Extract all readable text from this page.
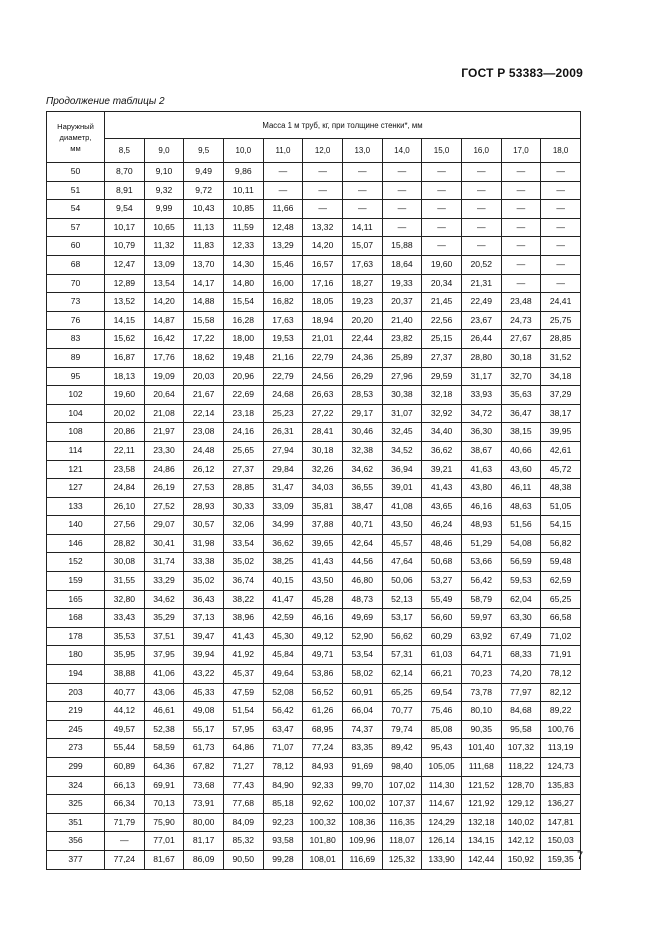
ГОСТ Р 53383—2009
Продолжение таблицы 2
Наружный
диаметр,
мм	Масса 1 м труб, кг, при толщине стенки*, мм											
	8,5	9,0	9,5	10,0	11,0	12,0	13,0	14,0	15,0	16,0	17,0	18,0
50	8,70	9,10	9,49	9,86	—	—	—	—	—	—	—	—
51	8,91	9,32	9,72	10,11	—	—	—	—	—	—	—	—
54	9,54	9,99	10,43	10,85	11,66	—	—	—	—	—	—	—
57	10,17	10,65	11,13	11,59	12,48	13,32	14,11	—	—	—	—	—
60	10,79	11,32	11,83	12,33	13,29	14,20	15,07	15,88	—	—	—	—
68	12,47	13,09	13,70	14,30	15,46	16,57	17,63	18,64	19,60	20,52	—	—
70	12,89	13,54	14,17	14,80	16,00	17,16	18,27	19,33	20,34	21,31	—	—
73	13,52	14,20	14,88	15,54	16,82	18,05	19,23	20,37	21,45	22,49	23,48	24,41
76	14,15	14,87	15,58	16,28	17,63	18,94	20,20	21,40	22,56	23,67	24,73	25,75
83	15,62	16,42	17,22	18,00	19,53	21,01	22,44	23,82	25,15	26,44	27,67	28,85
89	16,87	17,76	18,62	19,48	21,16	22,79	24,36	25,89	27,37	28,80	30,18	31,52
95	18,13	19,09	20,03	20,96	22,79	24,56	26,29	27,96	29,59	31,17	32,70	34,18
102	19,60	20,64	21,67	22,69	24,68	26,63	28,53	30,38	32,18	33,93	35,63	37,29
104	20,02	21,08	22,14	23,18	25,23	27,22	29,17	31,07	32,92	34,72	36,47	38,17
108	20,86	21,97	23,08	24,16	26,31	28,41	30,46	32,45	34,40	36,30	38,15	39,95
114	22,11	23,30	24,48	25,65	27,94	30,18	32,38	34,52	36,62	38,67	40,66	42,61
121	23,58	24,86	26,12	27,37	29,84	32,26	34,62	36,94	39,21	41,63	43,60	45,72
127	24,84	26,19	27,53	28,85	31,47	34,03	36,55	39,01	41,43	43,80	46,11	48,38
133	26,10	27,52	28,93	30,33	33,09	35,81	38,47	41,08	43,65	46,16	48,63	51,05
140	27,56	29,07	30,57	32,06	34,99	37,88	40,71	43,50	46,24	48,93	51,56	54,15
146	28,82	30,41	31,98	33,54	36,62	39,65	42,64	45,57	48,46	51,29	54,08	56,82
152	30,08	31,74	33,38	35,02	38,25	41,43	44,56	47,64	50,68	53,66	56,59	59,48
159	31,55	33,29	35,02	36,74	40,15	43,50	46,80	50,06	53,27	56,42	59,53	62,59
165	32,80	34,62	36,43	38,22	41,47	45,28	48,73	52,13	55,49	58,79	62,04	65,25
168	33,43	35,29	37,13	38,96	42,59	46,16	49,69	53,17	56,60	59,97	63,30	66,58
178	35,53	37,51	39,47	41,43	45,30	49,12	52,90	56,62	60,29	63,92	67,49	71,02
180	35,95	37,95	39,94	41,92	45,84	49,71	53,54	57,31	61,03	64,71	68,33	71,91
194	38,88	41,06	43,22	45,37	49,64	53,86	58,02	62,14	66,21	70,23	74,20	78,12
203	40,77	43,06	45,33	47,59	52,08	56,52	60,91	65,25	69,54	73,78	77,97	82,12
219	44,12	46,61	49,08	51,54	56,42	61,26	66,04	70,77	75,46	80,10	84,68	89,22
245	49,57	52,38	55,17	57,95	63,47	68,95	74,37	79,74	85,08	90,35	95,58	100,76
273	55,44	58,59	61,73	64,86	71,07	77,24	83,35	89,42	95,43	101,40	107,32	113,19
299	60,89	64,36	67,82	71,27	78,12	84,93	91,69	98,40	105,05	111,68	118,22	124,73
324	66,13	69,91	73,68	77,43	84,90	92,33	99,70	107,02	114,30	121,52	128,70	135,83
325	66,34	70,13	73,91	77,68	85,18	92,62	100,02	107,37	114,67	121,92	129,12	136,27
351	71,79	75,90	80,00	84,09	92,23	100,32	108,36	116,35	124,29	132,18	140,02	147,81
356	—	77,01	81,17	85,32	93,58	101,80	109,96	118,07	126,14	134,15	142,12	150,03
377	77,24	81,67	86,09	90,50	99,28	108,01	116,69	125,32	133,90	142,44	150,92	159,35 7
